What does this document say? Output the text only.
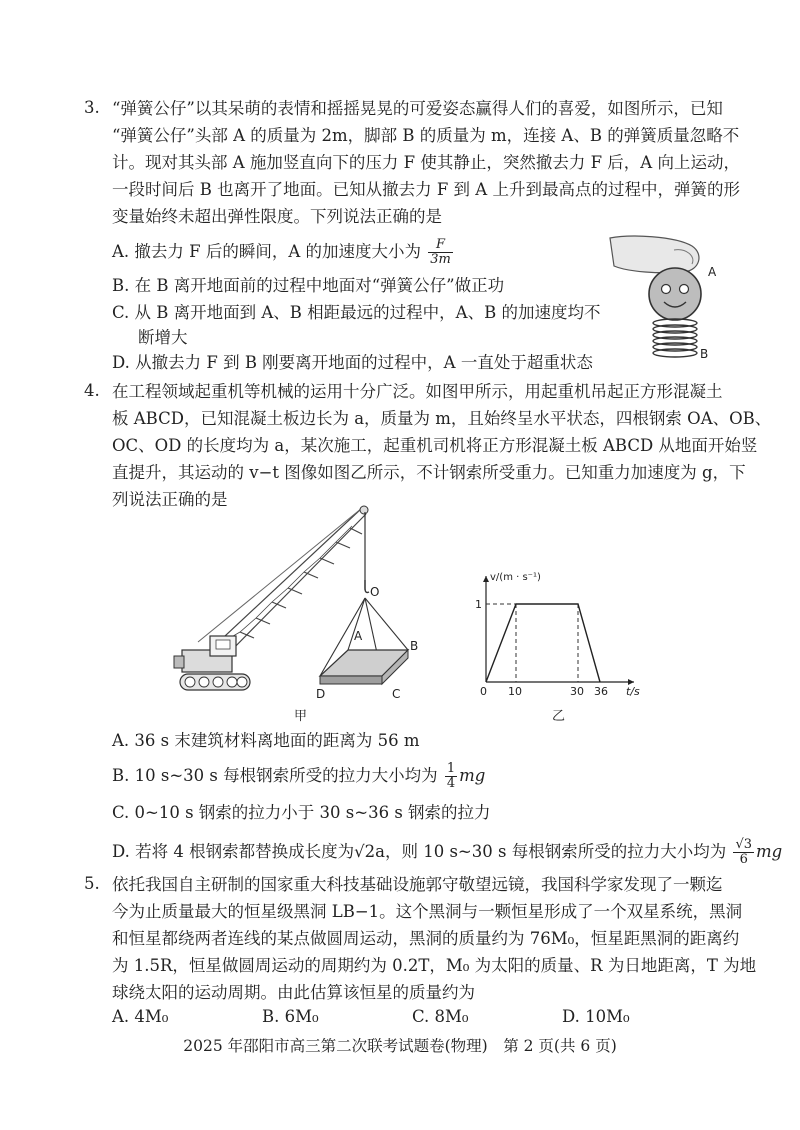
3. “弹簧公仔”以其呆萌的表情和摇摇晃晃的可爱姿态赢得人们的喜爱，如图所示，已知
“弹簧公仔”头部 A 的质量为 2m，脚部 B 的质量为 m，连接 A、B 的弹簧质量忽略不
计。现对其头部 A 施加竖直向下的压力 F 使其静止，突然撤去力 F 后，A 向上运动，
一段时间后 B 也离开了地面。已知从撤去力 F 到 A 上升到最高点的过程中，弹簧的形
变量始终未超出弹性限度。下列说法正确的是
A. 撤去力 F 后的瞬间，A 的加速度大小为 $\frac{F}{3m}$
B. 在 B 离开地面前的过程中地面对“弹簧公仔”做正功
C. 从 B 离开地面到 A、B 相距最远的过程中，A、B 的加速度均不
断增大
D. 从撤去力 F 到 B 刚要离开地面的过程中，A 一直处于超重状态
A
B
4. 在工程领域起重机等机械的运用十分广泛。如图甲所示，用起重机吊起正方形混凝土
板 ABCD，已知混凝土板边长为 a，质量为 m，且始终呈水平状态，四根钢索 OA、OB、
OC、OD 的长度均为 a，某次施工，起重机司机将正方形混凝土板 ABCD 从地面开始竖
直提升，其运动的 v−t 图像如图乙所示，不计钢索所受重力。已知重力加速度为 g，下
列说法正确的是
O
A
B
C
D
甲
v/(m · s⁻¹)
1
0 10	30 36 t/s
乙
A. 36 s 末建筑材料离地面的距离为 56 m
B. 10 s~30 s 每根钢索所受的拉力大小均为 $\frac{1}{4}$ mg
C. 0~10 s 钢索的拉力小于 30 s~36 s 钢索的拉力
D. 若将 4 根钢索都替换成长度为√2a，则 10 s~30 s 每根钢索所受的拉力大小均为 $\frac{√3}{6}$ mg
5. 依托我国自主研制的国家重大科技基础设施郭守敬望远镜，我国科学家发现了一颗迄
今为止质量最大的恒星级黑洞 LB−1。这个黑洞与一颗恒星形成了一个双星系统，黑洞
和恒星都绕两者连线的某点做圆周运动，黑洞的质量约为 76M₀，恒星距黑洞的距离约
为 1.5R，恒星做圆周运动的周期约为 0.2T，M₀ 为太阳的质量、R 为日地距离，T 为地
球绕太阳的运动周期。由此估算该恒星的质量约为
A. 4M₀	B. 6M₀	C. 8M₀	D. 10M₀
2025 年邵阳市高三第二次联考试题卷(物理)　第 2 页(共 6 页)
